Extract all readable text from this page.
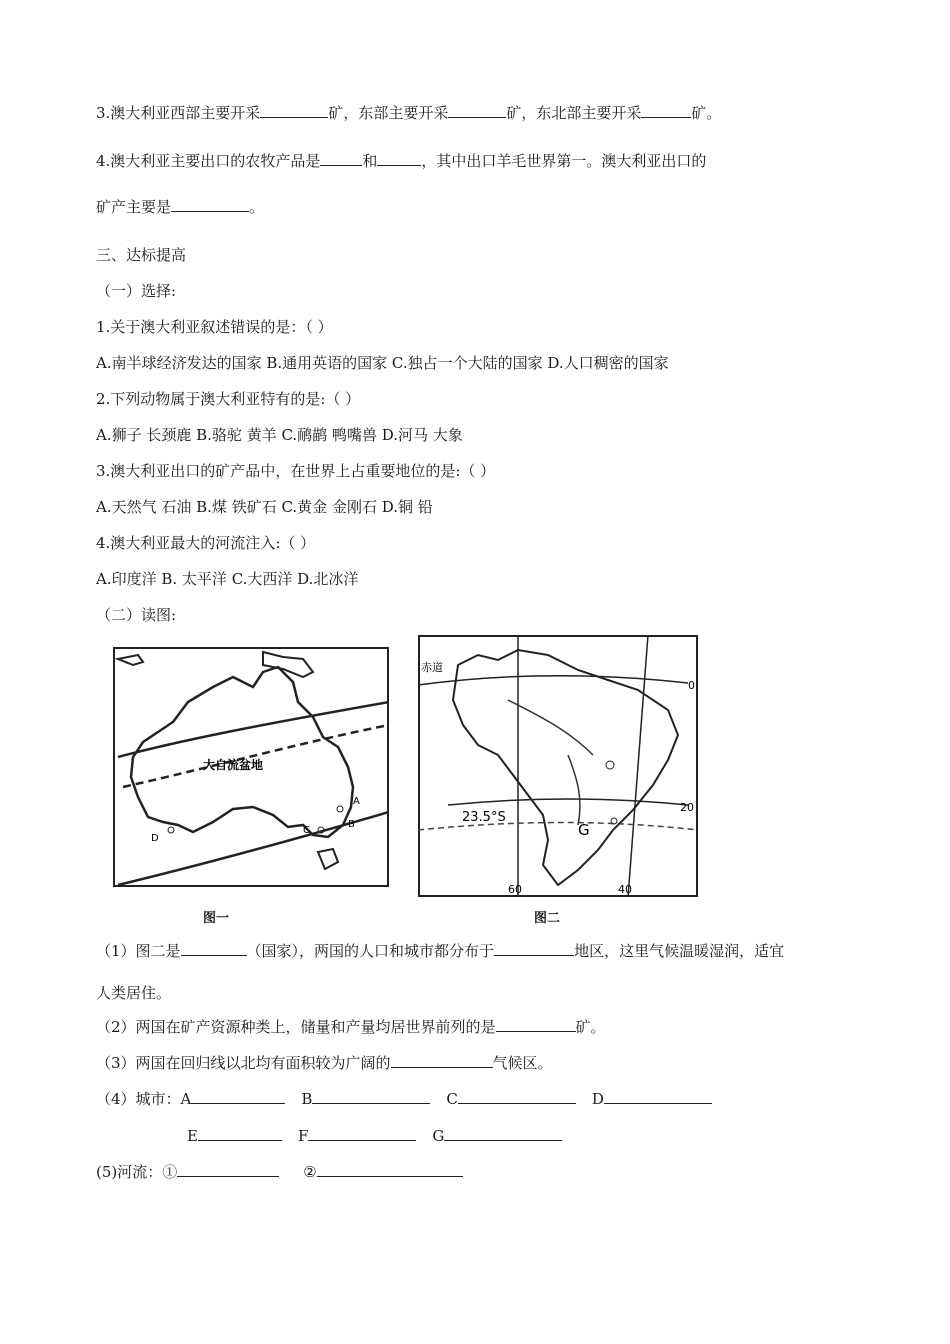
3.澳大利亚西部主要开采	矿，东部主要开采	矿，东北部主要开采	矿。
4.澳大利亚主要出口的农牧产品是	和	，其中出口羊毛世界第一。澳大利亚出口的
矿产主要是	。
三、达标提高
（一）选择:
1.关于澳大利亚叙述错误的是：（ ）
A.南半球经济发达的国家 B.通用英语的国家 C.独占一个大陆的国家 D.人口稠密的国家
2.下列动物属于澳大利亚特有的是:（ ）
A.狮子 长颈鹿 B.骆驼 黄羊 C.鸸鹋 鸭嘴兽 D.河马 大象
3.澳大利亚出口的矿产品中，在世界上占重要地位的是:（ ）
A.天然气 石油 B.煤 铁矿石 C.黄金 金刚石 D.铜 铅
4.澳大利亚最大的河流注入:（ ）
A.印度洋 B. 太平洋 C.大西洋 D.北冰洋
（二）读图:
大自流盆地
A
B
C
D
图一
赤道
0
23.5°S
20
60	40
G
图二
（1）图二是	（国家），两国的人口和城市都分布于	地区，这里气候温暖湿润，适宜
人类居住。
（2）两国在矿产资源种类上，储量和产量均居世界前列的是	矿。
（3）两国在回归线以北均有面积较为广阔的	气候区。
（4）城市：A	B	C	D
E	F	G
(5)河流：①	②
